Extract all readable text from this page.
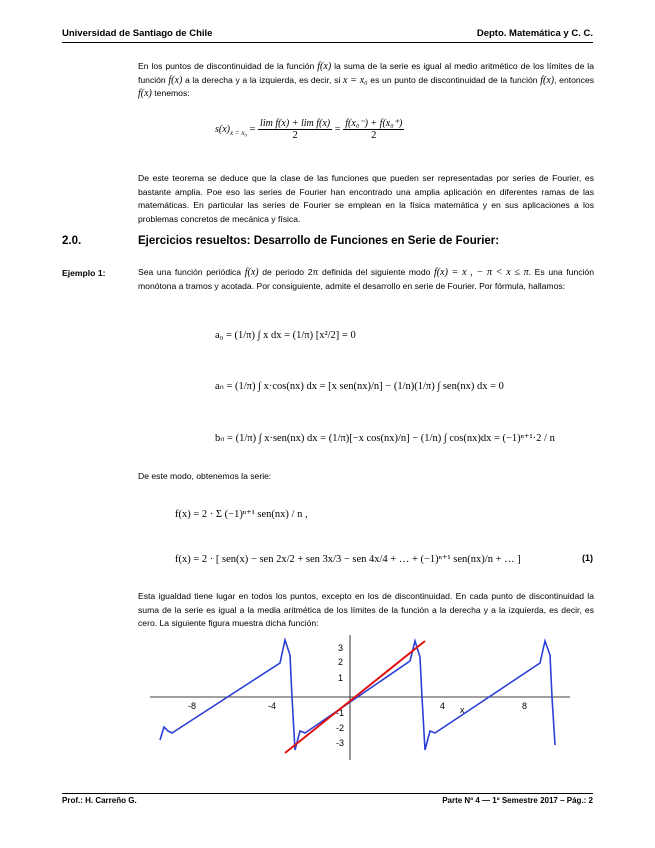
Universidad de Santiago de Chile	Depto. Matemática y C. C.
En los puntos de discontinuidad de la función f(x) la suma de la serie es igual al medio aritmético de los límites de la función f(x) a la derecha y a la izquierda, es decir, si x = x₀ es un punto de discontinuidad de la función f(x), entonces f(x) tenemos:
$s(x)_{x = x_0} = \frac{\text{lim f(x) + lim f(x)}}{2} = \frac{\text{f(x₀⁻) + f(x₀⁺)}}{2}$
De este teorema se deduce que la clase de las funciones que pueden ser representadas por series de Fourier, es bastante amplia. Poe eso las series de Fourier han encontrado una amplia aplicación en diferentes ramas de las matemáticas. En particular las series de Fourier se emplean en la física matemática y en sus aplicaciones a los problemas concretos de mecánica y física.
2.0.	Ejercicios resueltos: Desarrollo de Funciones en Serie de Fourier:
Ejemplo 1:	Sea una función periódica f(x) de periodo 2π definida del siguiente modo f(x) = x , − π < x ≤ π. Es una función monótona a tramos y acotada. Por consiguiente, admite el desarrollo en serie de Fourier. Por fórmula, hallamos:
a₀ = (1/π) ∫ x dx = (1/π) [x²/2] = 0
aₙ = (1/π) ∫ x·cos(nx) dx = [x sen(nx)/n] − (1/n)(1/π) ∫ sen(nx) dx = 0
bₙ = (1/π) ∫ x·sen(nx) dx = (1/π)[−x cos(nx)/n] − (1/n) ∫ cos(nx)dx = (−1)ⁿ⁺¹·2 / n
De este modo, obtenemos la serie:
f(x) = 2 · Σ (−1)ⁿ⁺¹ sen(nx) / n ,
f(x) = 2 · [ sen(x) − sen 2x/2 + sen 3x/3 − sen 4x/4 + … + (−1)ⁿ⁺¹ sen(nx)/n + … ]	(1)
Esta igualdad tiene lugar en todos los puntos, excepto en los de discontinuidad. En cada punto de discontinuidad la suma de la serie es igual a la media aritmética de los límites de la función a la derecha y a la izquierda, es decir, es cero. La siguiente figura muestra dicha función:
-8	-4	4	8
x
3
2
1
-1
-2
-3
Prof.: H. Carreño G.	Parte Nº 4 — 1º Semestre 2017 – Pág.: 2
